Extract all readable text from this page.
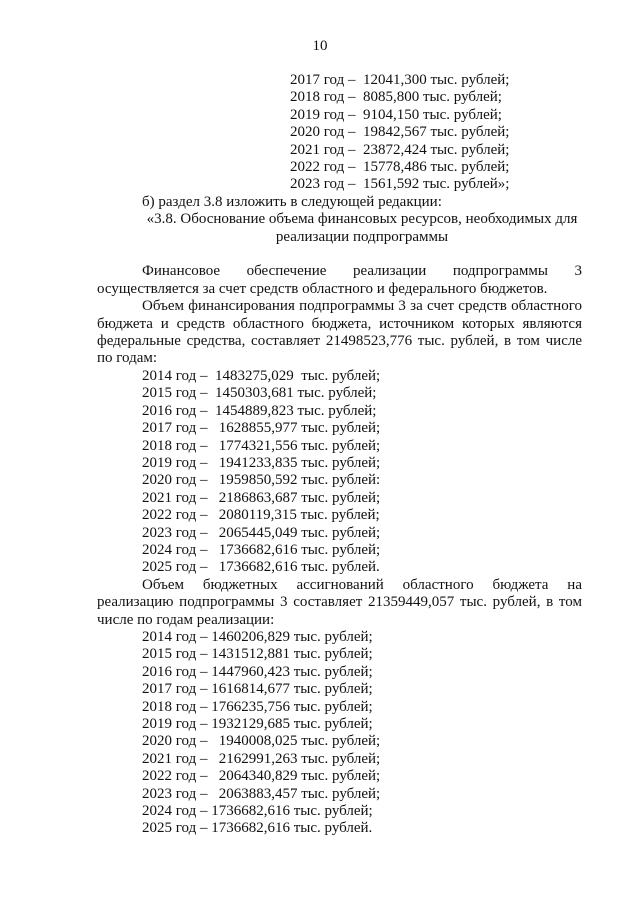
10
2017 год –  12041,300 тыс. рублей;
2018 год –  8085,800 тыс. рублей;
2019 год –  9104,150 тыс. рублей;
2020 год –  19842,567 тыс. рублей;
2021 год –  23872,424 тыс. рублей;
2022 год –  15778,486 тыс. рублей;
2023 год –  1561,592 тыс. рублей»;
б) раздел 3.8 изложить в следующей редакции:
«3.8. Обоснование объема финансовых ресурсов, необходимых для
реализации подпрограммы

Финансовое обеспечение реализации подпрограммы 3 осуществляется за счет средств областного и федерального бюджетов.

Объем финансирования подпрограммы 3 за счет средств областного бюджета и средств областного бюджета, источником которых являются федеральные средства, составляет 21498523,776 тыс. рублей, в том числе по годам:

2014 год –  1483275,029  тыс. рублей;
2015 год –  1450303,681 тыс. рублей;
2016 год –  1454889,823 тыс. рублей;
2017 год –   1628855,977 тыс. рублей;
2018 год –   1774321,556 тыс. рублей;
2019 год –   1941233,835 тыс. рублей;
2020 год –   1959850,592 тыс. рублей:
2021 год –   2186863,687 тыс. рублей;
2022 год –   2080119,315 тыс. рублей;
2023 год –   2065445,049 тыс. рублей;
2024 год –   1736682,616 тыс. рублей;
2025 год –   1736682,616 тыс. рублей.

Объем бюджетных ассигнований областного бюджета на реализацию подпрограммы 3 составляет 21359449,057 тыс. рублей, в том числе по годам реализации:

2014 год – 1460206,829 тыс. рублей;
2015 год – 1431512,881 тыс. рублей;
2016 год – 1447960,423 тыс. рублей;
2017 год – 1616814,677 тыс. рублей;
2018 год – 1766235,756 тыс. рублей;
2019 год – 1932129,685 тыс. рублей;
2020 год –   1940008,025 тыс. рублей;
2021 год –   2162991,263 тыс. рублей;
2022 год –   2064340,829 тыс. рублей;
2023 год –   2063883,457 тыс. рублей;
2024 год – 1736682,616 тыс. рублей;
2025 год – 1736682,616 тыс. рублей.
